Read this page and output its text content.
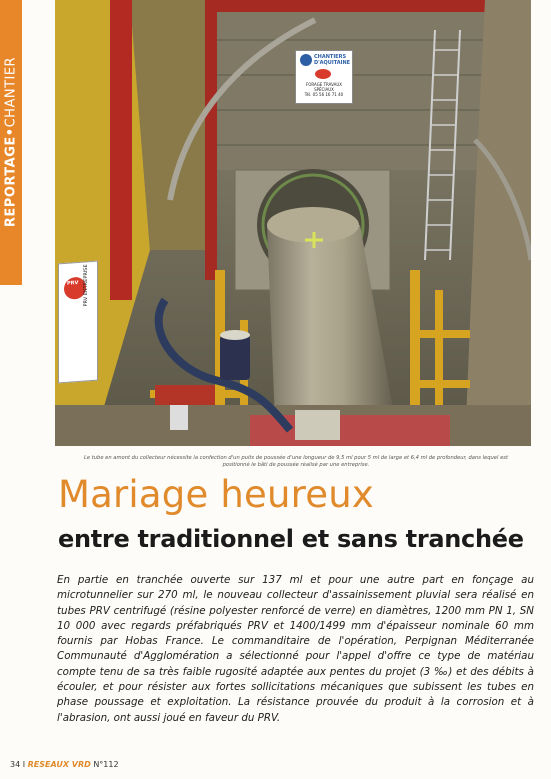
REPORTAGE•CHANTIER	CHANTIERS
D'AQUITAINE
FORAGE TRAVAUX SPÉCIAUX
Tél. 05 56 16 71 40
PRV PRV ENTREPRISE
Le tube en amont du collecteur nécessite la confection d'un puits de poussée d'une longueur de 9,5 ml pour 5 ml de large et 6,4 ml de profondeur, dans lequel est positionné le bâti de poussée réalisé par une entreprise.
Mariage heureux
entre traditionnel et sans tranchée

En partie en tranchée ouverte sur 137 ml et pour une autre part en fonçage au microtunnelier sur 270 ml, le nouveau collecteur d'assainissement pluvial sera réalisé en tubes PRV centrifugé (résine polyester renforcé de verre) en diamètres, 1200 mm PN 1, SN 10 000 avec regards préfabriqués PRV et 1400/1499 mm d'épaisseur nominale 60 mm fournis par Hobas France. Le commanditaire de l'opération, Perpignan Méditerranée Communauté d'Agglomération a sélectionné pour l'appel d'offre ce type de matériau compte tenu de sa très faible rugosité adaptée aux pentes du projet (3 ‰) et des débits à écouler, et pour résister aux fortes sollicitations mécaniques que subissent les tubes en phase poussage et exploitation. La résistance prouvée du produit à la corrosion et à l'abrasion, ont aussi joué en faveur du PRV.

34 I RESEAUX VRD N°112
